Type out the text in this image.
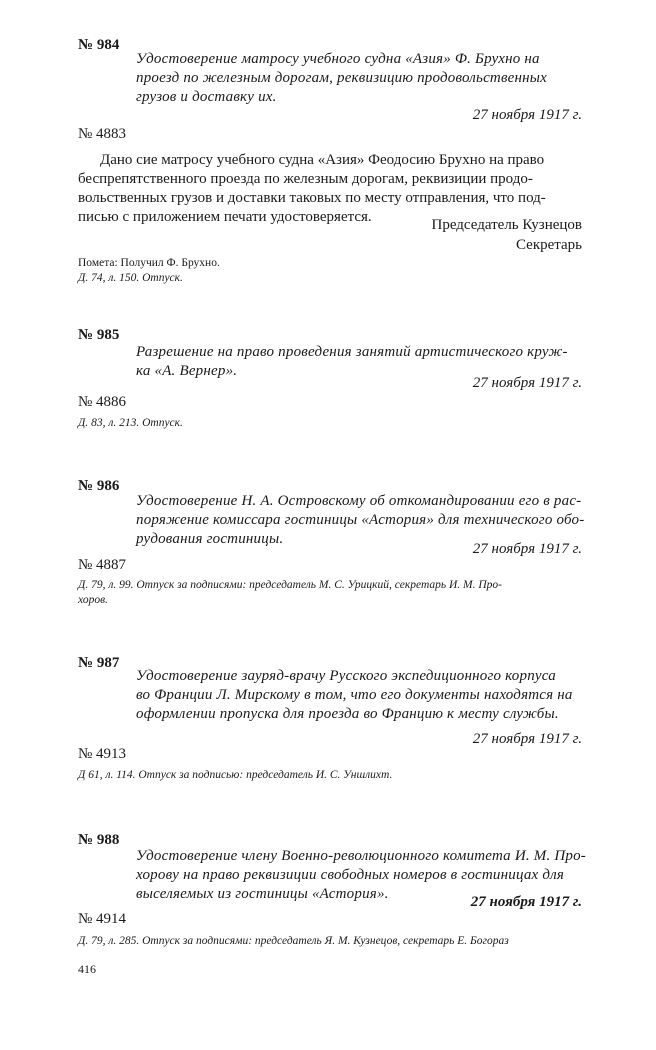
№ 984
Удостоверение матросу учебного судна «Азия» Ф. Брухно на
проезд по железным дорогам, реквизицию продовольственных
грузов и доставку их.
27 ноября 1917 г.
№ 4883
Дано сие матросу учебного судна «Азия» Феодосию Брухно на право
беспрепятственного проезда по железным дорогам, реквизиции продо-
вольственных грузов и доставки таковых по месту отправления, что под-
писью с приложением печати удостоверяется.	Председатель Кузнецов
Секретарь
Помета: Получил Ф. Брухно.
Д. 74, л. 150. Отпуск.
№ 985
Разрешение на право проведения занятий артистического круж-
ка «А. Вернер».
27 ноября 1917 г.
№ 4886
Д. 83, л. 213. Отпуск.
№ 986
Удостоверение Н. А. Островскому об откомандировании его в рас-
поряжение комиссара гостиницы «Астория» для технического обо-
рудования гостиницы.
27 ноября 1917 г.
№ 4887
Д. 79, л. 99. Отпуск за подписями: председатель М. С. Урицкий, секретарь И. М. Про-
хоров.
№ 987
Удостоверение зауряд-врачу Русского экспедиционного корпуса
во Франции Л. Мирскому в том, что его документы находятся на
оформлении пропуска для проезда во Францию к месту службы.
27 ноября 1917 г.
№ 4913
Д 61, л. 114. Отпуск за подписью: председатель И. С. Уншлихт.
№ 988
Удостоверение члену Военно-революционного комитета И. М. Про-
хорову на право реквизиции свободных номеров в гостиницах для
выселяемых из гостиницы «Астория».	27 ноября 1917 г.
№ 4914
Д. 79, л. 285. Отпуск за подписями: председатель Я. М. Кузнецов, секретарь Е. Богораз
416
